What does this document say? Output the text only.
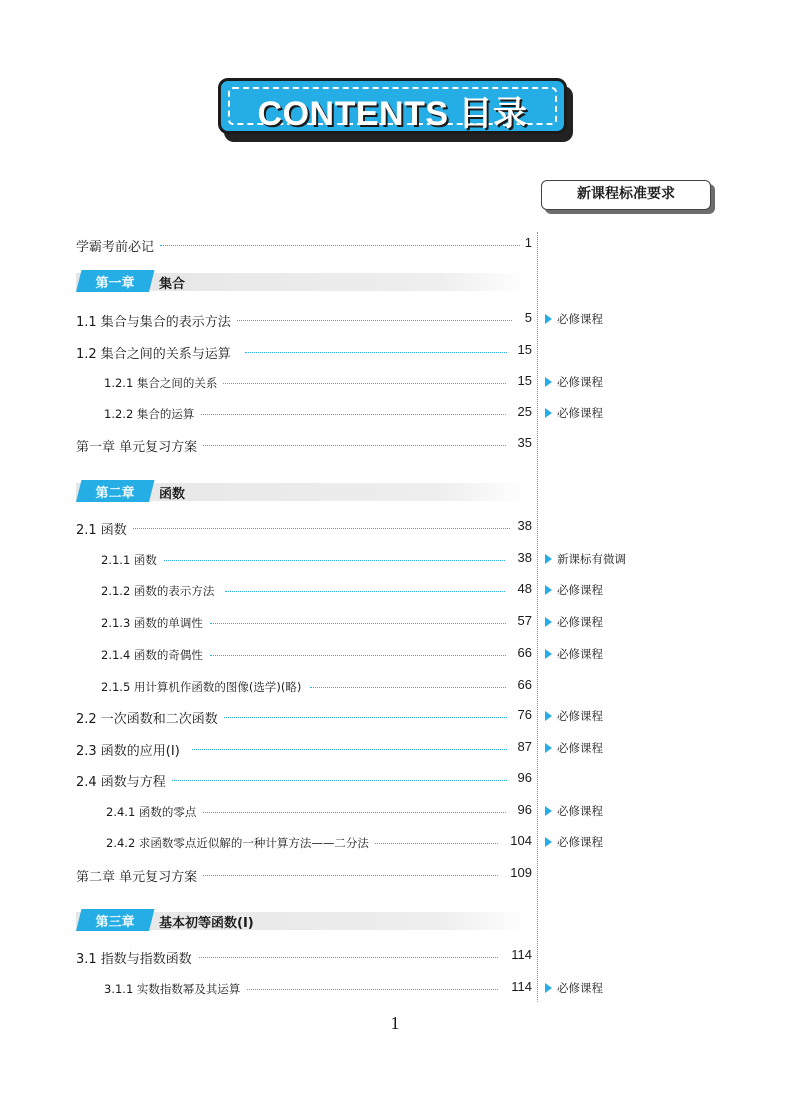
CONTENTS 目录
新课程标准要求
学霸考前必记	1
第一章	集合
1.1 集合与集合的表示方法	5	必修课程
1.2 集合之间的关系与运算	15
1.2.1 集合之间的关系	15	必修课程
1.2.2 集合的运算	25	必修课程
第一章 单元复习方案	35
第二章	函数
2.1 函数	38
2.1.1 函数	38	新课标有微调
2.1.2 函数的表示方法	48	必修课程
2.1.3 函数的单调性	57	必修课程
2.1.4 函数的奇偶性	66	必修课程
2.1.5 用计算机作函数的图像(选学)(略)	66
2.2 一次函数和二次函数	76	必修课程
2.3 函数的应用(Ⅰ)	87	必修课程
2.4 函数与方程	96
2.4.1 函数的零点	96	必修课程
2.4.2 求函数零点近似解的一种计算方法——二分法	104	必修课程
第二章 单元复习方案	109
第三章	基本初等函数(Ⅰ)
3.1 指数与指数函数	114
3.1.1 实数指数幂及其运算	114	必修课程
1
